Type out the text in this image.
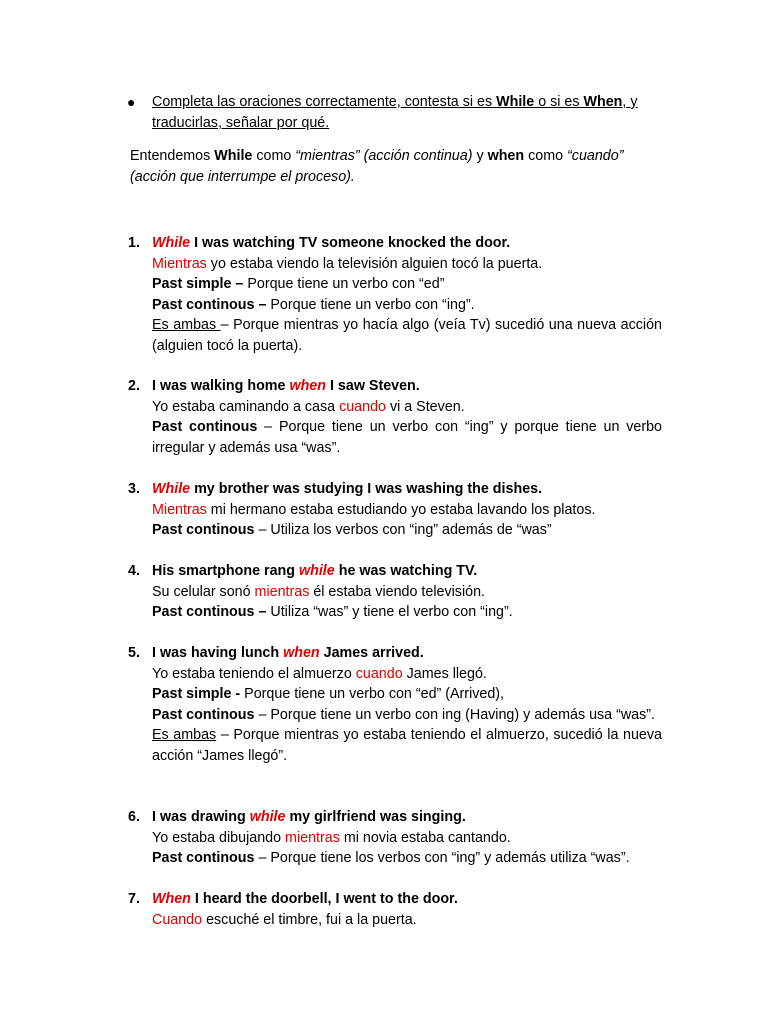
● Completa las oraciones correctamente, contesta si es While o si es When, y traducirlas, señalar por qué.
Entendemos While como “mientras” (acción continua) y when como “cuando” (acción que interrumpe el proceso).
1. While I was watching TV someone knocked the door.

Mientras yo estaba viendo la televisión alguien tocó la puerta.

Past simple – Porque tiene un verbo con “ed”

Past continous – Porque tiene un verbo con “ing”.

Es ambas – Porque mientras yo hacía algo (veía Tv) sucedió una nueva acción (alguien tocó la puerta).

2. I was walking home when I saw Steven.

Yo estaba caminando a casa cuando vi a Steven.

Past continous – Porque tiene un verbo con “ing” y porque tiene un verbo irregular y además usa “was”.

3. While my brother was studying I was washing the dishes.

Mientras mi hermano estaba estudiando yo estaba lavando los platos.

Past continous – Utiliza los verbos con “ing” además de “was”

4. His smartphone rang while he was watching TV.

Su celular sonó mientras él estaba viendo televisión.

Past continous – Utiliza “was” y tiene el verbo con “ing”.

5. I was having lunch when James arrived.

Yo estaba teniendo el almuerzo cuando James llegó.

Past simple - Porque tiene un verbo con “ed” (Arrived),

Past continous – Porque tiene un verbo con ing (Having) y además usa “was”.

Es ambas – Porque mientras yo estaba teniendo el almuerzo, sucedió la nueva acción “James llegó”.

6. I was drawing while my girlfriend was singing.

Yo estaba dibujando mientras mi novia estaba cantando.

Past continous – Porque tiene los verbos con “ing” y además utiliza “was”.

7. When I heard the doorbell, I went to the door.

Cuando escuché el timbre, fui a la puerta.
